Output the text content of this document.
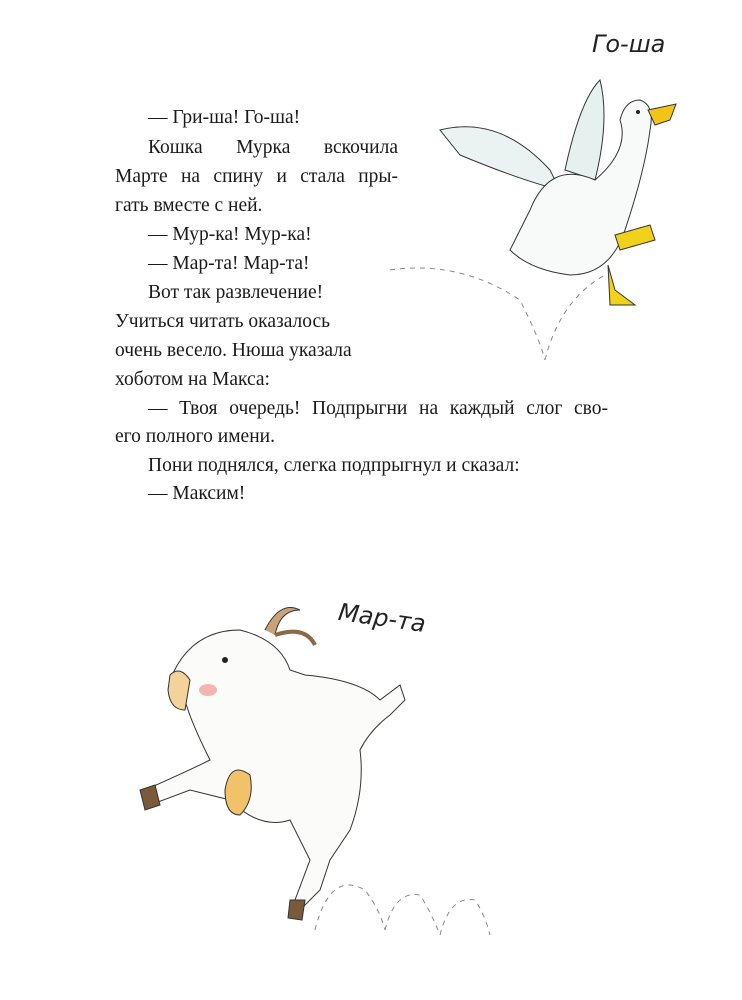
— Гри-ша! Го-ша!
Кошка Мурка вскочила
Марте на спину и стала пры-
гать вместе с ней.
— Мур-ка! Мур-ка!
— Мар-та! Мар-та!
Вот так развлечение!
Учиться читать оказалось
очень весело. Нюша указала
хоботом на Макса:
— Твоя очередь! Подпрыгни на каждый слог сво-
его полного имени.
Пони поднялся, слегка подпрыгнул и сказал:
— Максим!
Го-ша
Мар-та
